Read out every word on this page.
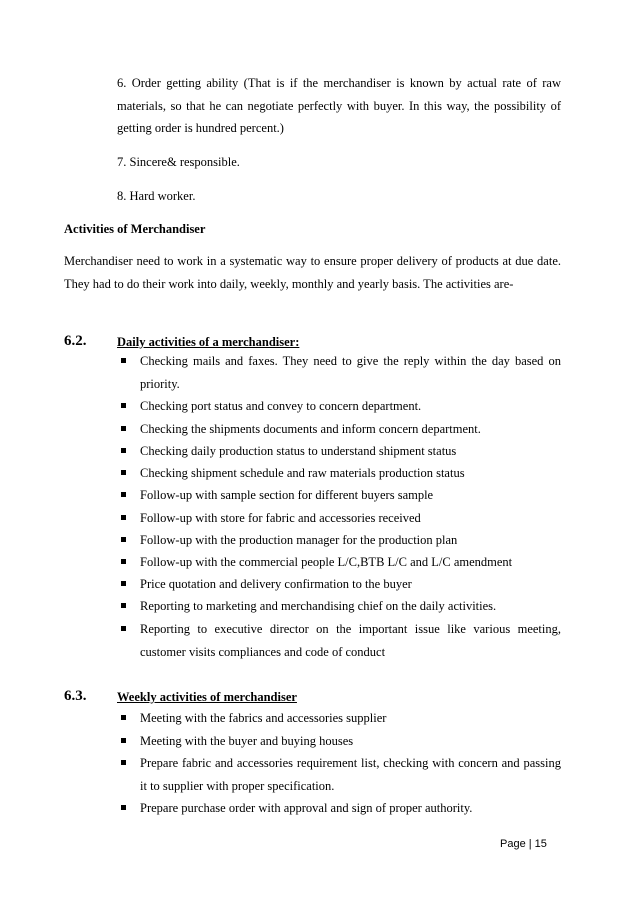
6. Order getting ability (That is if the merchandiser is known by actual rate of raw materials, so that he can negotiate perfectly with buyer. In this way, the possibility of getting order is hundred percent.)

7. Sincere& responsible.

8. Hard worker.

Activities of Merchandiser

Merchandiser need to work in a systematic way to ensure proper delivery of products at due date. They had to do their work into daily, weekly, monthly and yearly basis. The activities are-

6.2. Daily activities of a merchandiser:
Checking mails and faxes. They need to give the reply within the day based on priority.
Checking port status and convey to concern department.
Checking the shipments documents and inform concern department.
Checking daily production status to understand shipment status
Checking shipment schedule and raw materials production status
Follow-up with sample section for different buyers sample
Follow-up with store for fabric and accessories received
Follow-up with the production manager for the production plan
Follow-up with the commercial people L/C,BTB L/C and L/C amendment
Price quotation and delivery confirmation to the buyer
Reporting to marketing and merchandising chief on the daily activities.
Reporting to executive director on the important issue like various meeting, customer visits compliances and code of conduct
6.3. Weekly activities of merchandiser
Meeting with the fabrics and accessories supplier
Meeting with the buyer and buying houses
Prepare fabric and accessories requirement list, checking with concern and passing it to supplier with proper specification.
Prepare purchase order with approval and sign of proper authority.
Page | 15
